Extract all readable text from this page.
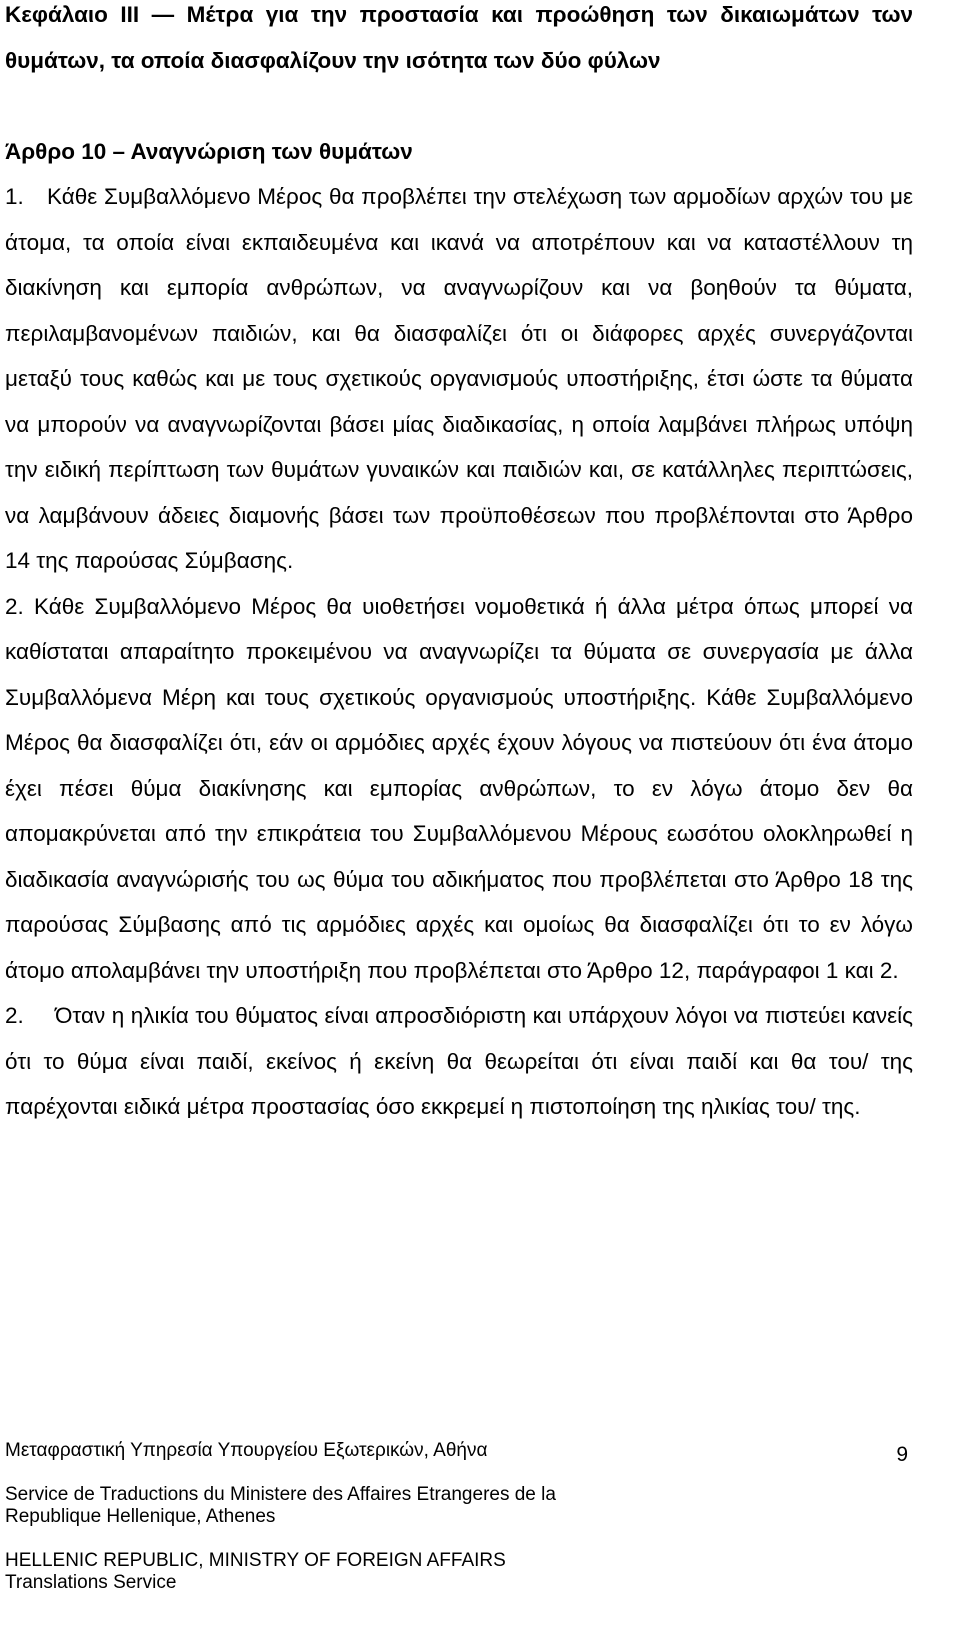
Κεφάλαιο ΙΙΙ — Μέτρα για την προστασία και προώθηση των δικαιωμάτων των θυμάτων, τα οποία διασφαλίζουν την ισότητα των δύο φύλων
Άρθρο 10 – Αναγνώριση των θυμάτων

1. Κάθε Συμβαλλόμενο Μέρος θα προβλέπει την στελέχωση των αρμοδίων αρχών του με άτομα, τα οποία είναι εκπαιδευμένα και ικανά να αποτρέπουν και να καταστέλλουν τη διακίνηση και εμπορία ανθρώπων, να αναγνωρίζουν και να βοηθούν τα θύματα, περιλαμβανομένων παιδιών, και θα διασφαλίζει ότι οι διάφορες αρχές συνεργάζονται μεταξύ τους καθώς και με τους σχετικούς οργανισμούς υποστήριξης, έτσι ώστε τα θύματα να μπορούν να αναγνωρίζονται βάσει μίας διαδικασίας, η οποία λαμβάνει πλήρως υπόψη την ειδική περίπτωση των θυμάτων γυναικών και παιδιών και, σε κατάλληλες περιπτώσεις, να λαμβάνουν άδειες διαμονής βάσει των προϋποθέσεων που προβλέπονται στο Άρθρο 14 της παρούσας Σύμβασης.

2. Κάθε Συμβαλλόμενο Μέρος θα υιοθετήσει νομοθετικά ή άλλα μέτρα όπως μπορεί να καθίσταται απαραίτητο προκειμένου να αναγνωρίζει τα θύματα σε συνεργασία με άλλα Συμβαλλόμενα Μέρη και τους σχετικούς οργανισμούς υποστήριξης. Κάθε Συμβαλλόμενο Μέρος θα διασφαλίζει ότι, εάν οι αρμόδιες αρχές έχουν λόγους να πιστεύουν ότι ένα άτομο έχει πέσει θύμα διακίνησης και εμπορίας ανθρώπων, το εν λόγω άτομο δεν θα απομακρύνεται από την επικράτεια του Συμβαλλόμενου Μέρους εωσότου ολοκληρωθεί η διαδικασία αναγνώρισής του ως θύμα του αδικήματος που προβλέπεται στο Άρθρο 18 της παρούσας Σύμβασης από τις αρμόδιες αρχές και ομοίως θα διασφαλίζει ότι το εν λόγω άτομο απολαμβάνει την υποστήριξη που προβλέπεται στο Άρθρο 12, παράγραφοι 1 και 2.

2. Όταν η ηλικία του θύματος είναι απροσδιόριστη και υπάρχουν λόγοι να πιστεύει κανείς ότι το θύμα είναι παιδί, εκείνος ή εκείνη θα θεωρείται ότι είναι παιδί και θα του/ της παρέχονται ειδικά μέτρα προστασίας όσο εκκρεμεί η πιστοποίηση της ηλικίας του/ της.

Μεταφραστική Υπηρεσία Υπουργείου Εξωτερικών, Αθήνα	9
Service de Traductions du Ministere des Affaires Etrangeres de la
Republique Hellenique, Athenes
HELLENIC REPUBLIC, MINISTRY OF FOREIGN AFFAIRS
Translations Service
